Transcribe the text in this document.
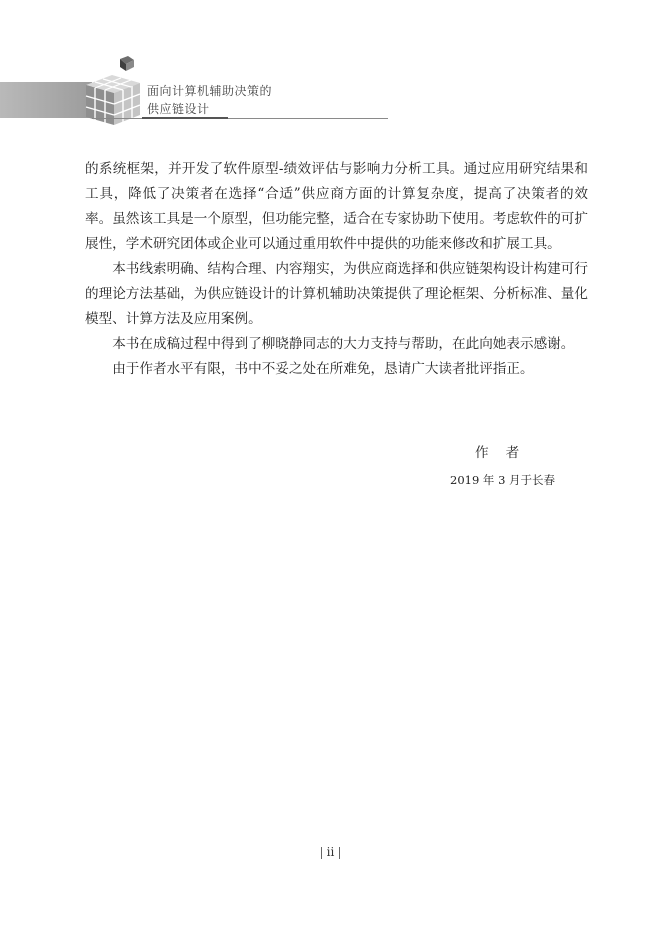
面向计算机辅助决策的
供应链设计

的系统框架，并开发了软件原型-绩效评估与影响力分析工具。通过应用研究结果和工具，降低了决策者在选择“合适”供应商方面的计算复杂度，提高了决策者的效率。虽然该工具是一个原型，但功能完整，适合在专家协助下使用。考虑软件的可扩展性，学术研究团体或企业可以通过重用软件中提供的功能来修改和扩展工具。

本书线索明确、结构合理、内容翔实，为供应商选择和供应链架构设计构建可行的理论方法基础，为供应链设计的计算机辅助决策提供了理论框架、分析标准、量化模型、计算方法及应用案例。

本书在成稿过程中得到了柳晓静同志的大力支持与帮助，在此向她表示感谢。

由于作者水平有限，书中不妥之处在所难免，恳请广大读者批评指正。

作者
2019 年 3 月于长春
ii
